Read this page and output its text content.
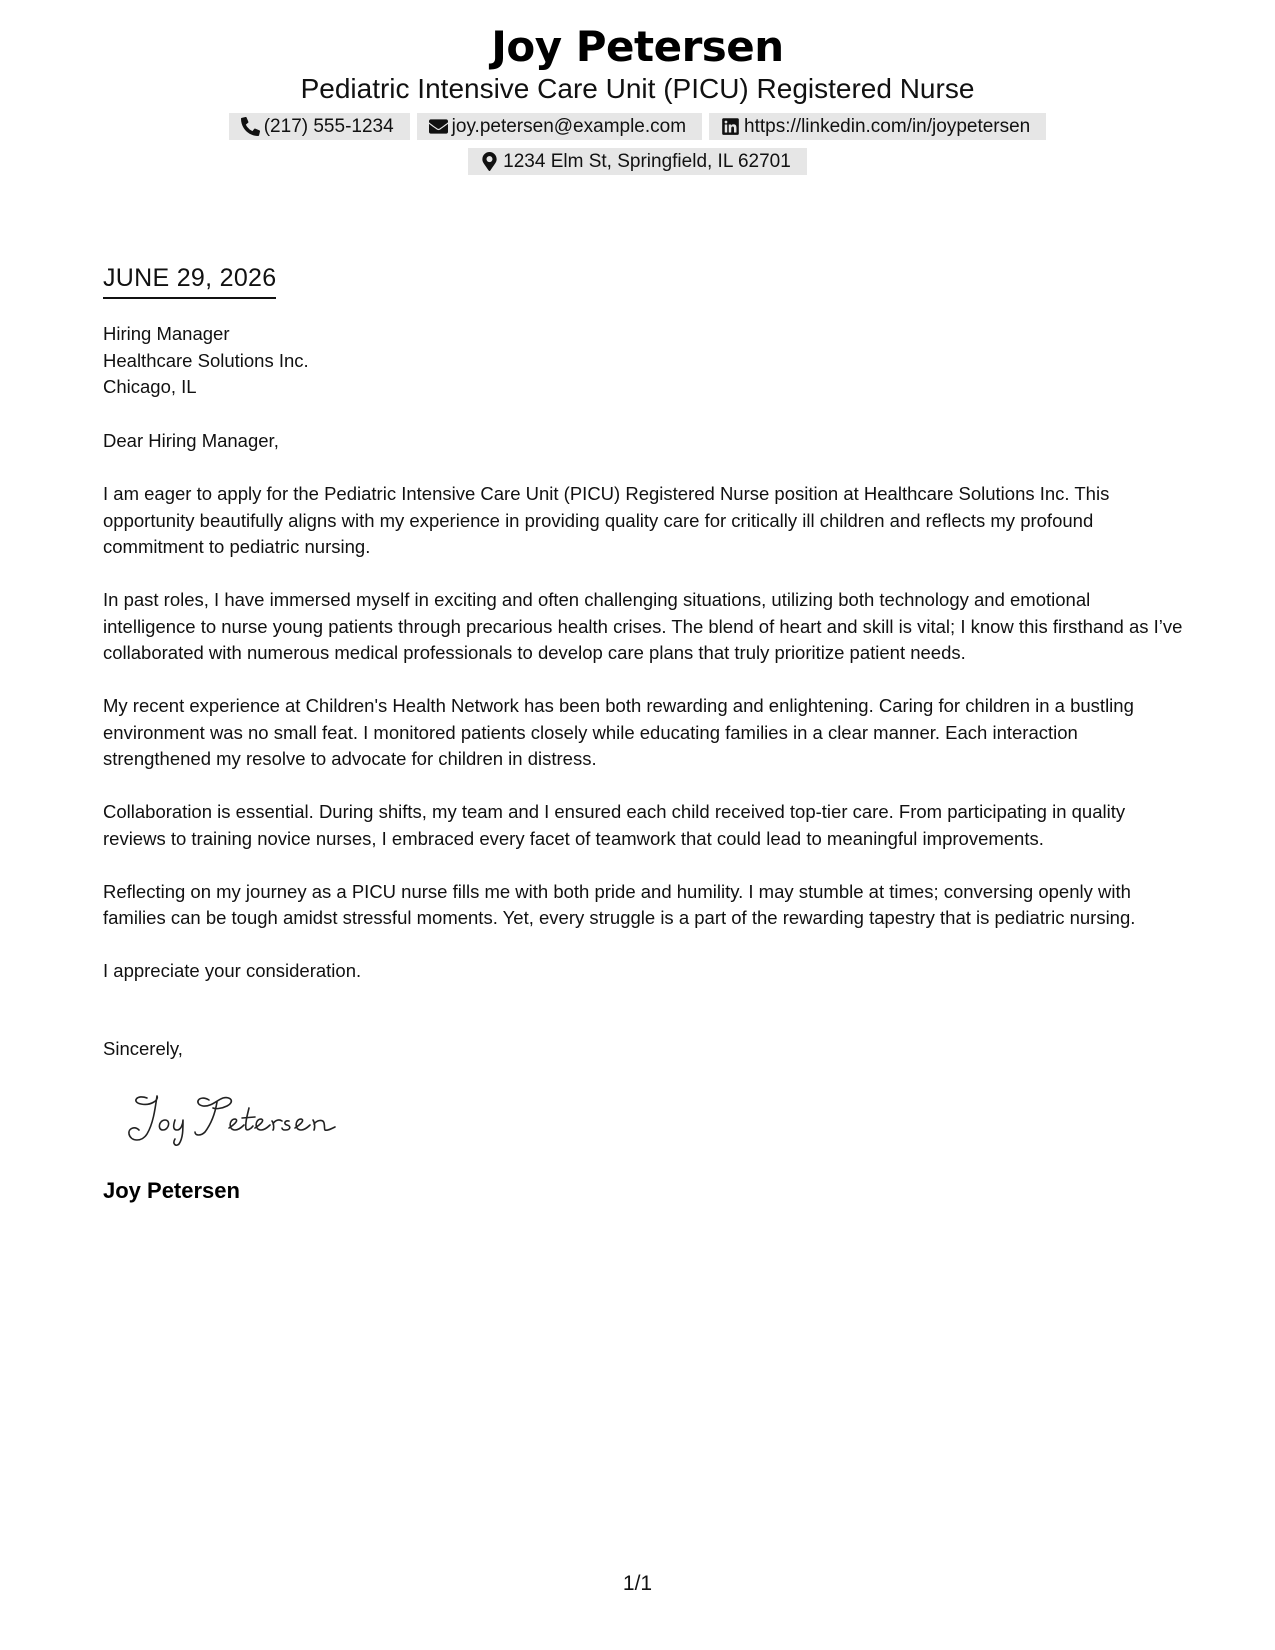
Joy Petersen
Pediatric Intensive Care Unit (PICU) Registered Nurse
(217) 555-1234	joy.petersen@example.com	https://linkedin.com/in/joypetersen
1234 Elm St, Springfield, IL 62701
JUNE 29, 2026
Hiring Manager
Healthcare Solutions Inc.
Chicago, IL

Dear Hiring Manager,

I am eager to apply for the Pediatric Intensive Care Unit (PICU) Registered Nurse position at Healthcare Solutions Inc. This opportunity beautifully aligns with my experience in providing quality care for critically ill children and reflects my profound commitment to pediatric nursing.

In past roles, I have immersed myself in exciting and often challenging situations, utilizing both technology and emotional intelligence to nurse young patients through precarious health crises. The blend of heart and skill is vital; I know this firsthand as I’ve collaborated with numerous medical professionals to develop care plans that truly prioritize patient needs.

My recent experience at Children's Health Network has been both rewarding and enlightening. Caring for children in a bustling environment was no small feat. I monitored patients closely while educating families in a clear manner. Each interaction strengthened my resolve to advocate for children in distress.

Collaboration is essential. During shifts, my team and I ensured each child received top-tier care. From participating in quality reviews to training novice nurses, I embraced every facet of teamwork that could lead to meaningful improvements.

Reflecting on my journey as a PICU nurse fills me with both pride and humility. I may stumble at times; conversing openly with families can be tough amidst stressful moments. Yet, every struggle is a part of the rewarding tapestry that is pediatric nursing.

I appreciate your consideration.

Sincerely,
Joy Petersen
1/1
